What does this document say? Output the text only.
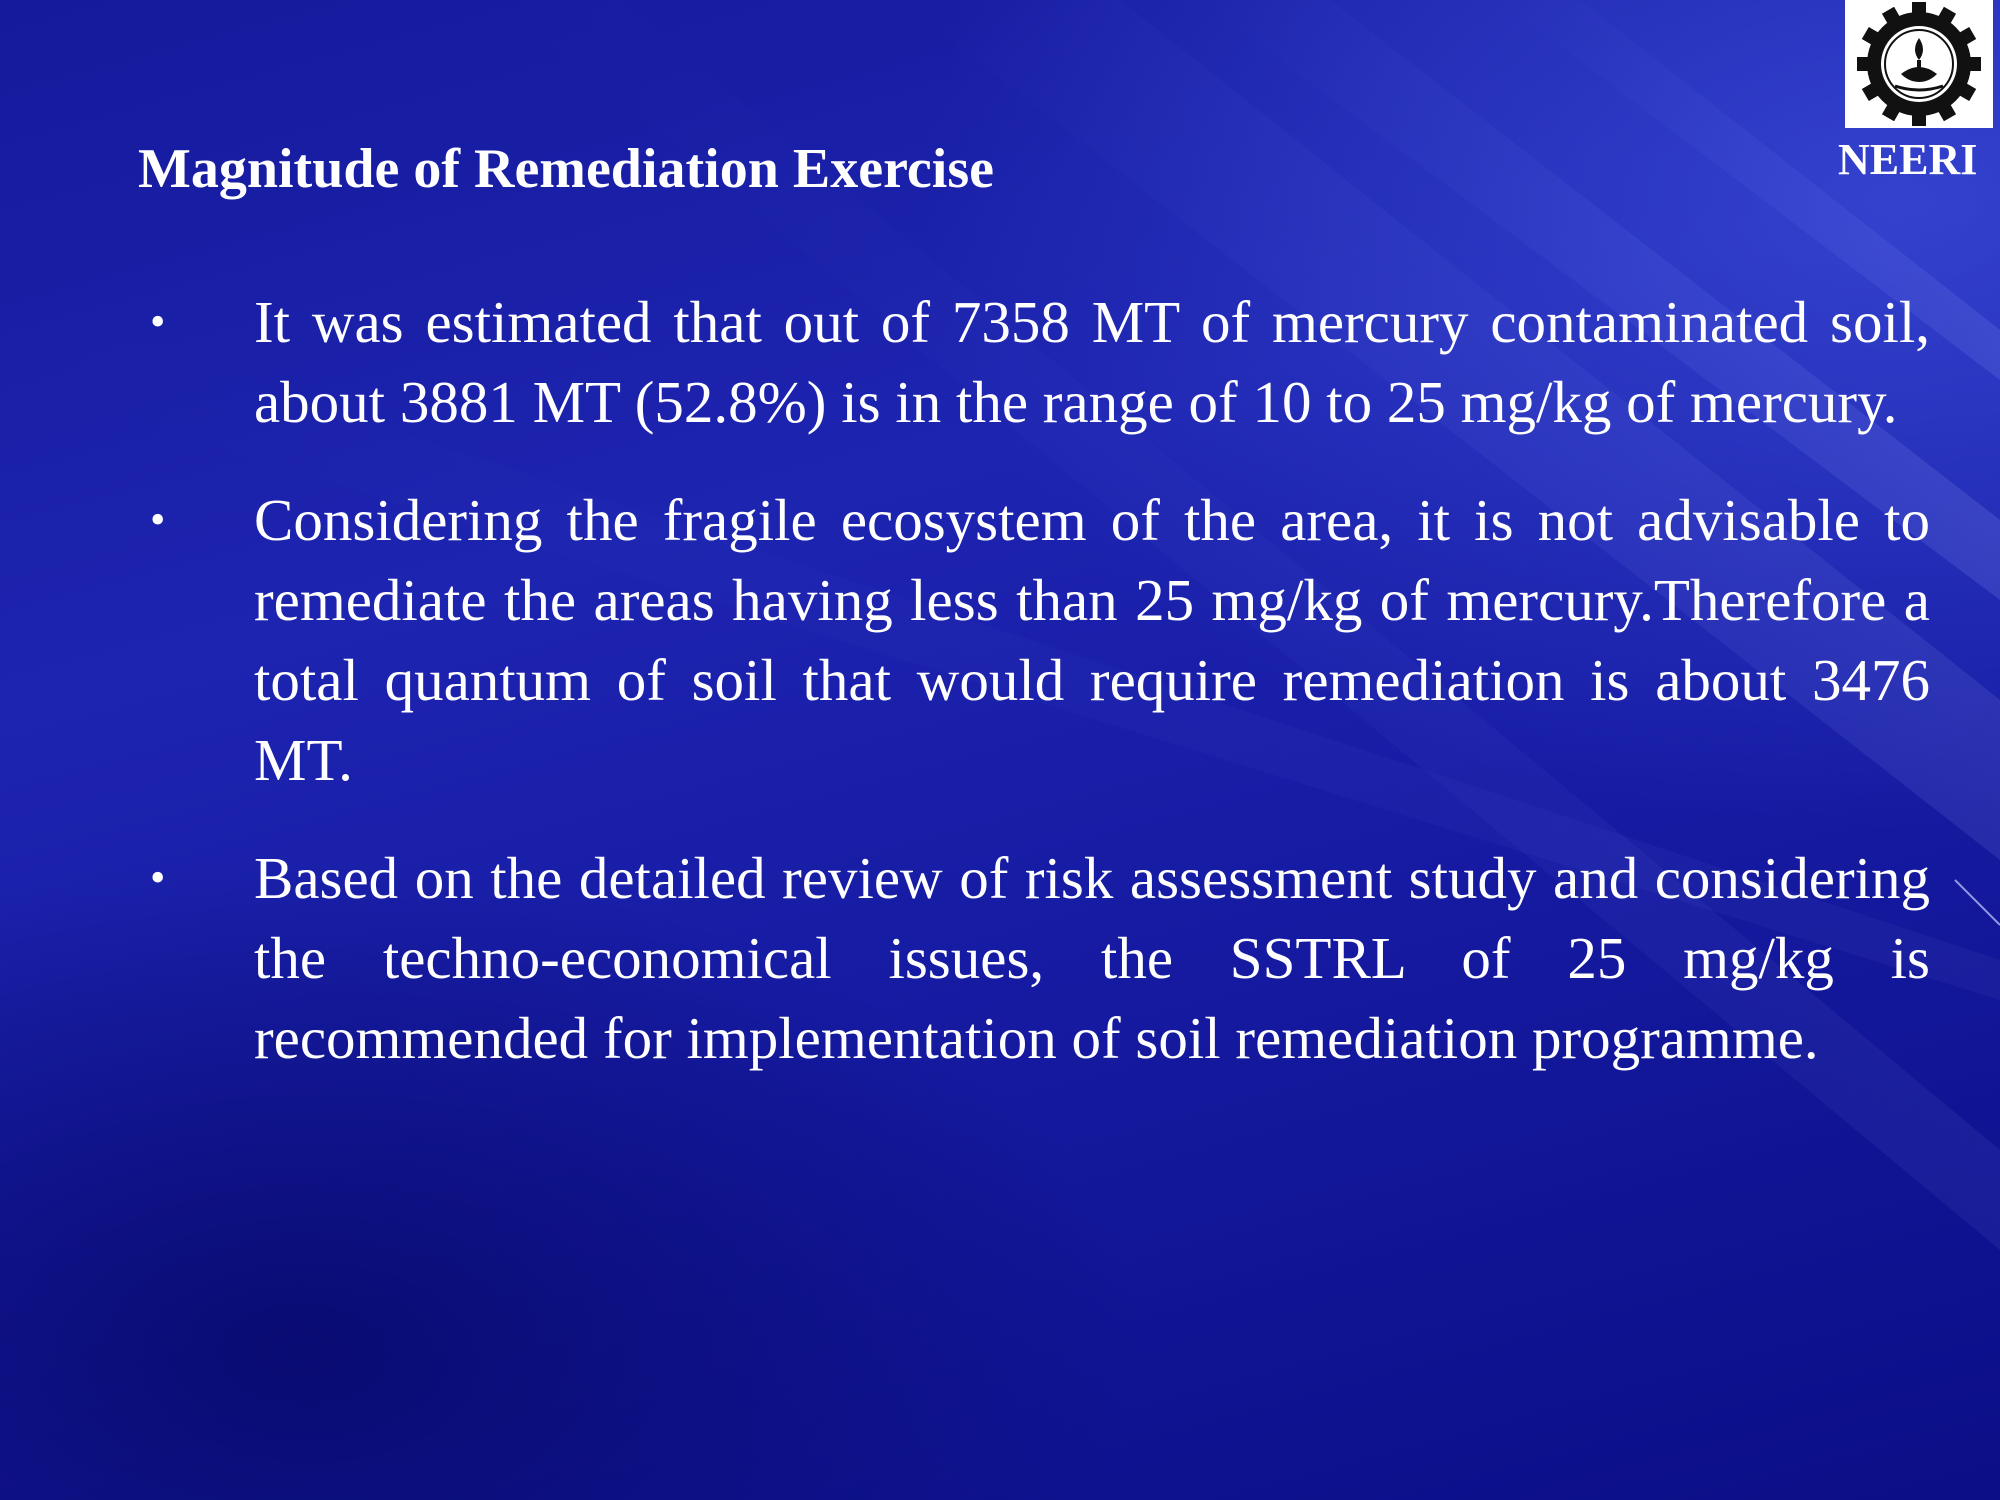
NEERI
Magnitude of Remediation Exercise
• It was estimated that out of 7358 MT of mercury contaminated soil, about 3881 MT (52.8%) is in the range of 10 to 25 mg/kg of mercury.
• Considering the fragile ecosystem of the area, it is not advisable to remediate the areas having less than 25 mg/kg of mercury.Therefore a total quantum of soil that would require remediation is about 3476 MT.
• Based on the detailed review of risk assessment study and considering the techno-economical issues, the SSTRL of 25 mg/kg is recommended for implementation of soil remediation programme.
